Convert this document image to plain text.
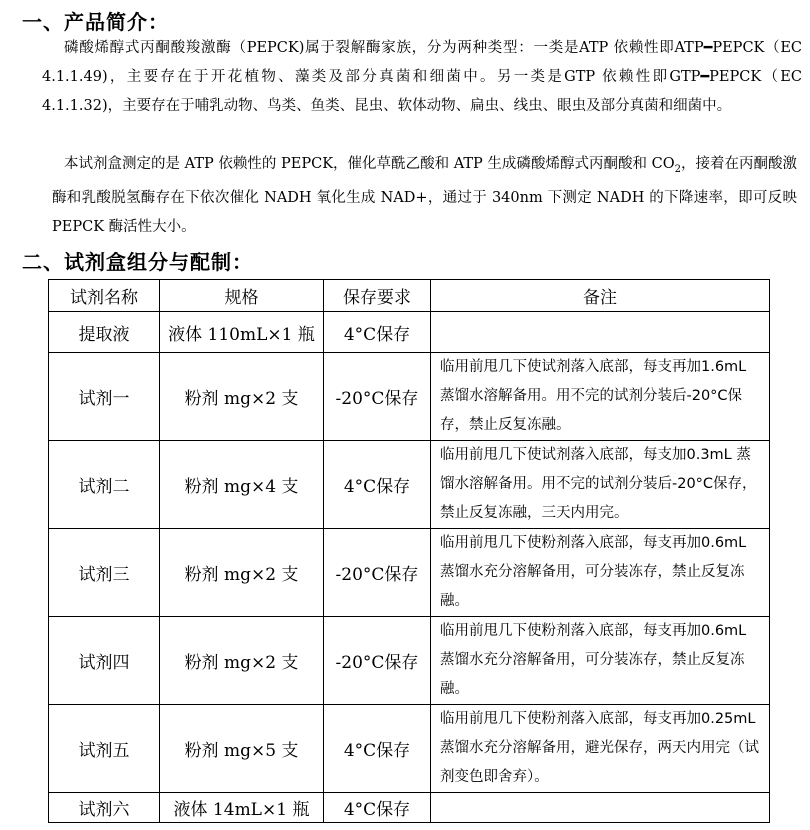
一、产品简介：
磷酸烯醇式丙酮酸羧激酶（PEPCK)属于裂解酶家族，分为两种类型：一类是ATP 依赖性即ATP━PEPCK（EC 4.1.1.49)，主要存在于开花植物、藻类及部分真菌和细菌中。另一类是GTP 依赖性即GTP━PEPCK（EC 4.1.1.32)，主要存在于哺乳动物、鸟类、鱼类、昆虫、软体动物、扁虫、线虫、眼虫及部分真菌和细菌中。
本试剂盒测定的是 ATP 依赖性的 PEPCK，催化草酰乙酸和 ATP 生成磷酸烯醇式丙酮酸和 $CO_2$，接着在丙酮酸激酶和乳酸脱氢酶存在下依次催化 NADH 氧化生成 NAD+，通过于 340nm 下测定 NADH 的下降速率，即可反映 PEPCK 酶活性大小。
二、试剂盒组分与配制：
试剂名称	规格	保存要求	备注
提取液	液体 110mL×1 瓶	4°C保存	
试剂一	粉剂 mg×2 支	-20°C保存	临用前甩几下使试剂落入底部，每支再加1.6mL 蒸馏水溶解备用。用不完的试剂分装后-20°C保存，禁止反复冻融。
试剂二	粉剂 mg×4 支	4°C保存	临用前甩几下使试剂落入底部，每支加0.3mL 蒸馏水溶解备用。用不完的试剂分装后-20°C保存，禁止反复冻融，三天内用完。
试剂三	粉剂 mg×2 支	-20°C保存	临用前甩几下使粉剂落入底部，每支再加0.6mL 蒸馏水充分溶解备用，可分装冻存，禁止反复冻融。
试剂四	粉剂 mg×2 支	-20°C保存	临用前甩几下使粉剂落入底部，每支再加0.6mL 蒸馏水充分溶解备用，可分装冻存，禁止反复冻融。
试剂五	粉剂 mg×5 支	4°C保存	临用前甩几下使粉剂落入底部，每支再加0.25mL 蒸馏水充分溶解备用，避光保存，两天内用完（试剂变色即舍弃）。
试剂六	液体 14mL×1 瓶	4°C保存	
